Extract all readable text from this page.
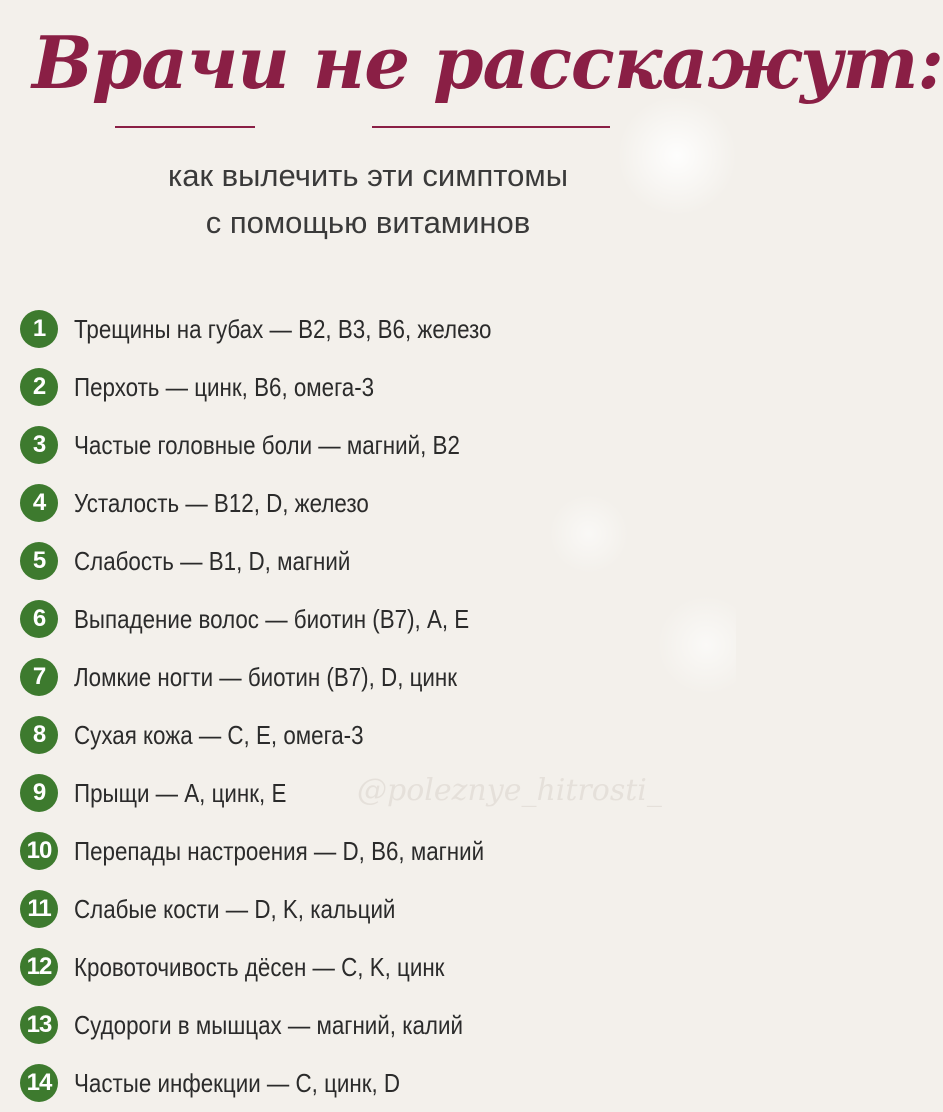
Врачи не расскажут:
как вылечить эти симптомы
с помощью витаминов
1	Трещины на губах — B2, B3, B6, железо
2	Перхоть — цинк, B6, омега-3
3	Частые головные боли — магний, B2
4	Усталость — B12, D, железо
5	Слабость — B1, D, магний
6	Выпадение волос — биотин (B7), A, E
7	Ломкие ногти — биотин (B7), D, цинк
8	Сухая кожа — C, E, омега-3
9	Прыщи — A, цинк, E
10 Перепады настроения — D, B6, магний
11 Слабые кости — D, K, кальций
12 Кровоточивость дёсен — C, K, цинк
13 Судороги в мышцах — магний, калий
14 Частые инфекции — C, цинк, D
@poleznye_hitrosti_
